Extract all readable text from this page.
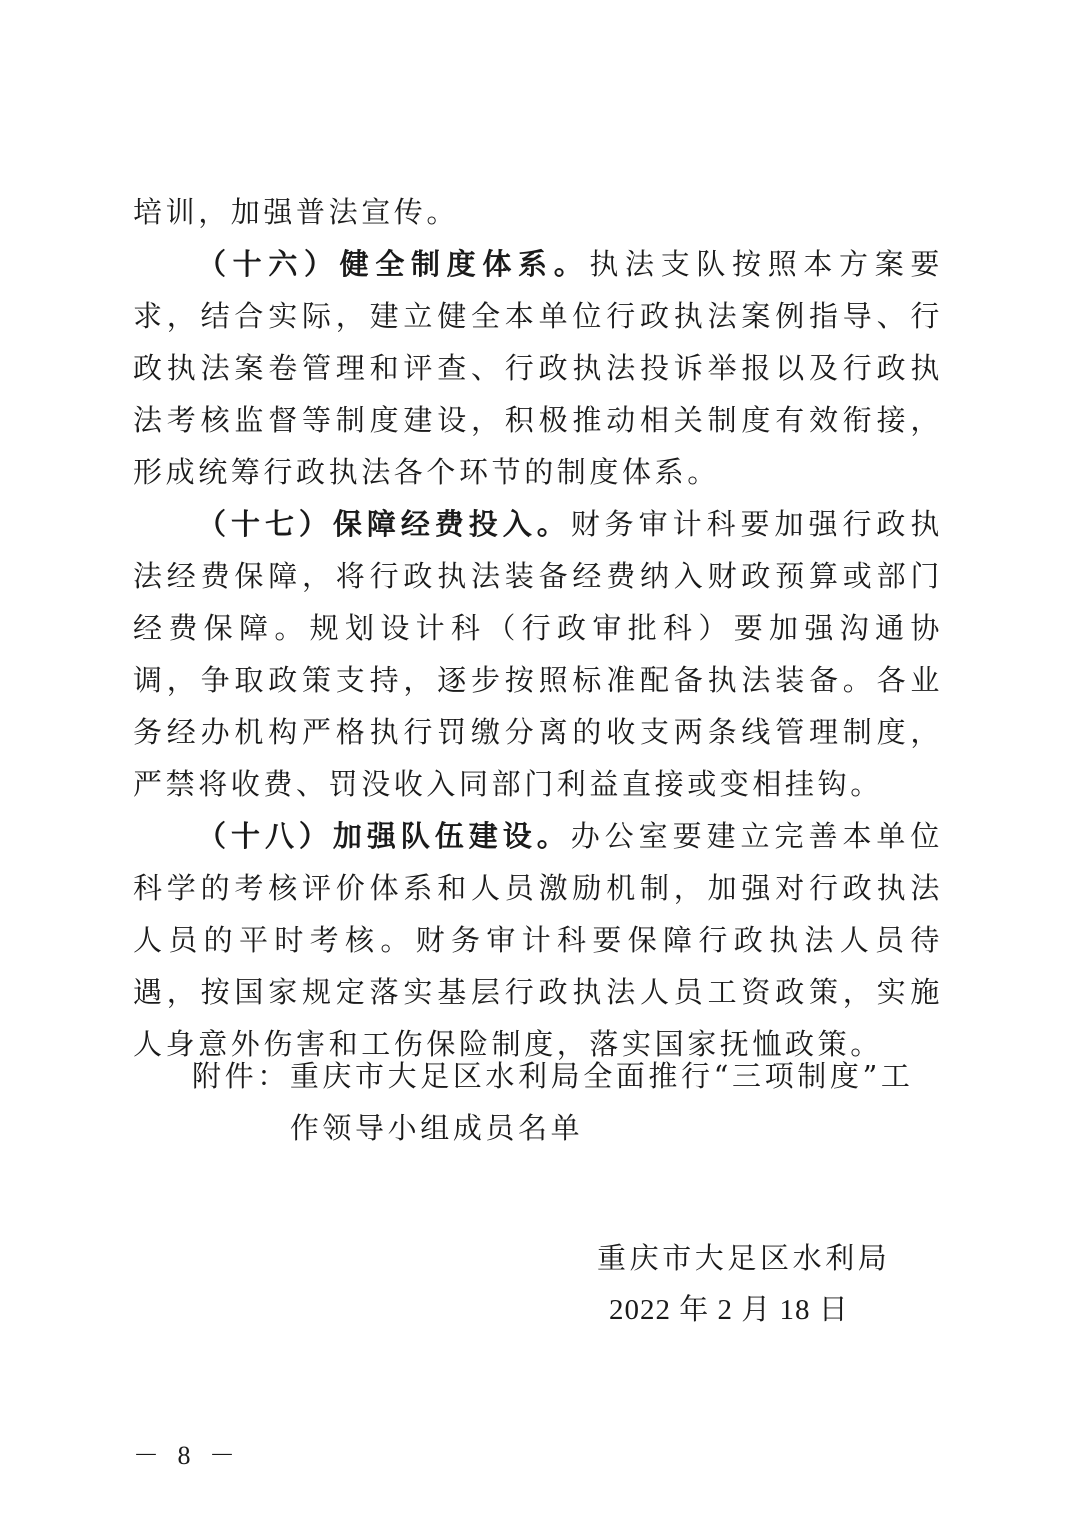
培训，加强普法宣传。

（十六）健全制度体系。执法支队按照本方案要求，结合实际，建立健全本单位行政执法案例指导、行政执法案卷管理和评查、行政执法投诉举报以及行政执法考核监督等制度建设，积极推动相关制度有效衔接，形成统筹行政执法各个环节的制度体系。

（十七）保障经费投入。财务审计科要加强行政执法经费保障，将行政执法装备经费纳入财政预算或部门经费保障。规划设计科（行政审批科）要加强沟通协调，争取政策支持，逐步按照标准配备执法装备。各业务经办机构严格执行罚缴分离的收支两条线管理制度，严禁将收费、罚没收入同部门利益直接或变相挂钩。

（十八）加强队伍建设。办公室要建立完善本单位科学的考核评价体系和人员激励机制，加强对行政执法人员的平时考核。财务审计科要保障行政执法人员待遇，按国家规定落实基层行政执法人员工资政策，实施人身意外伤害和工伤保险制度，落实国家抚恤政策。

附件： 重庆市大足区水利局全面推行“三项制度”工作领导小组成员名单
重庆市大足区水利局
2022 年 2 月 18 日
－ 8 －
